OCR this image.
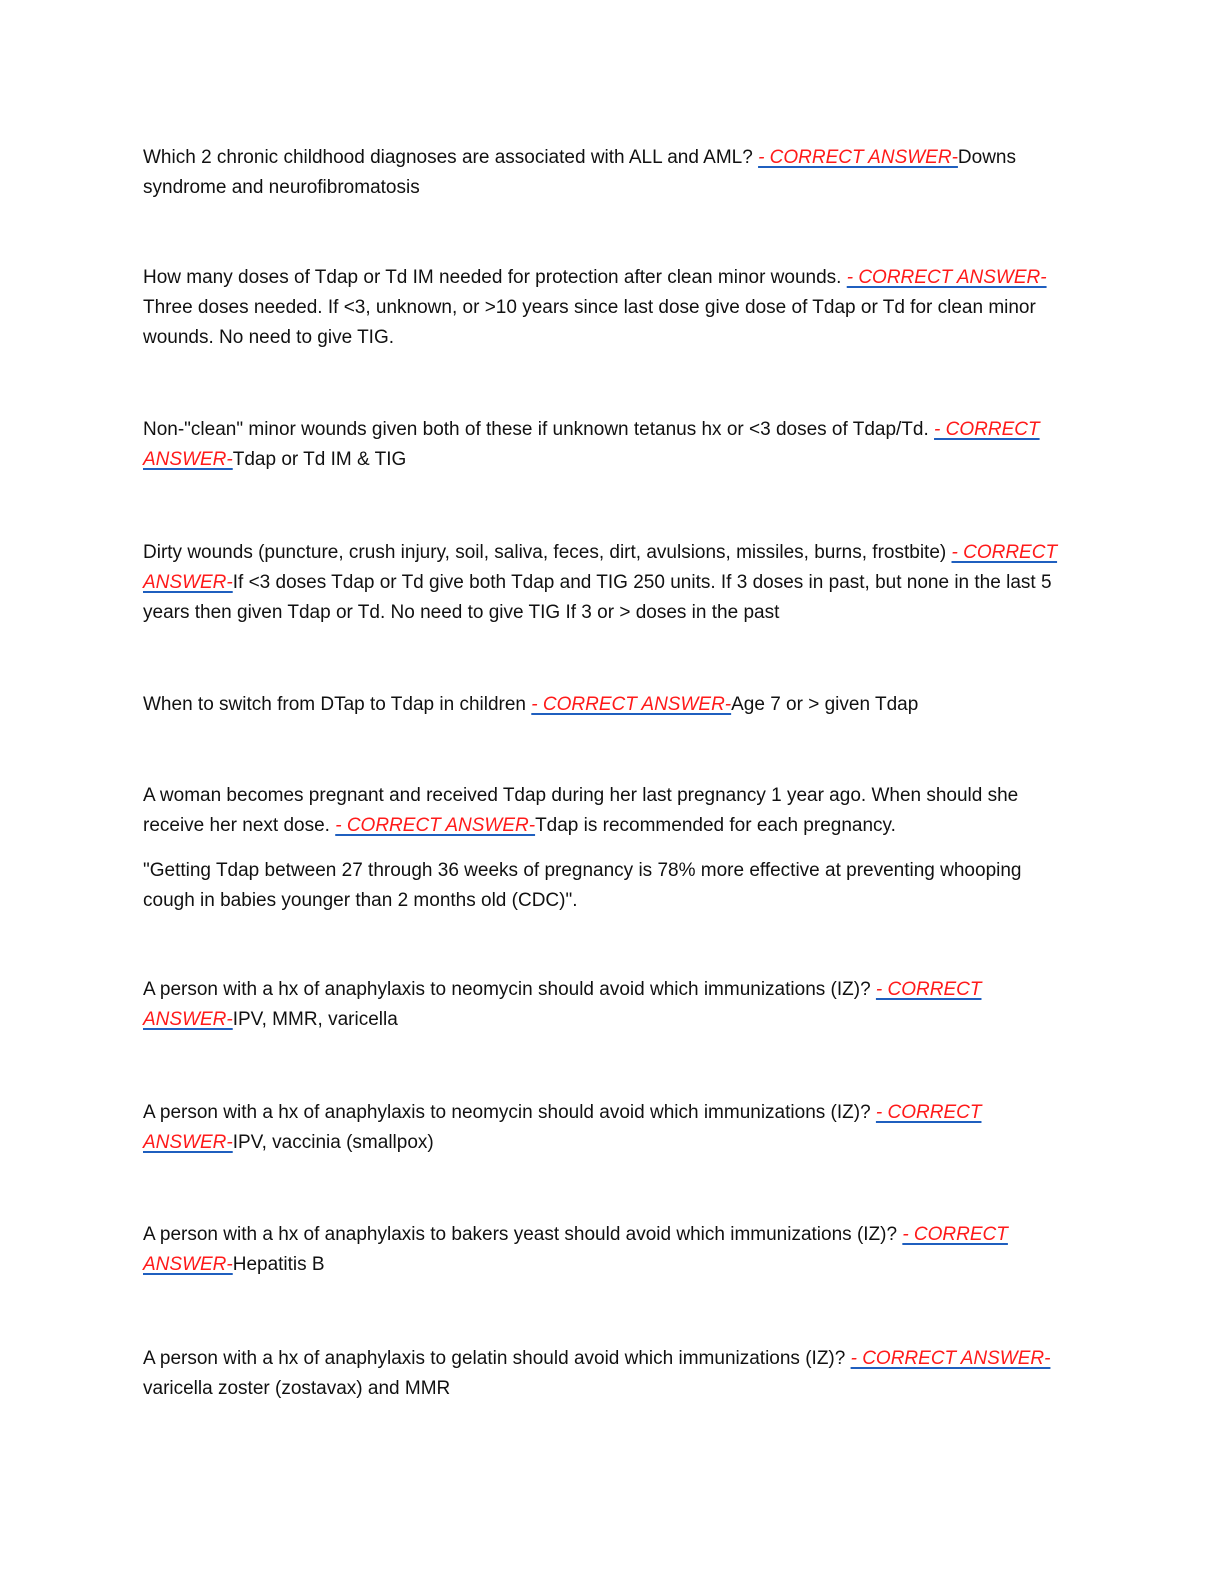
Which 2 chronic childhood diagnoses are associated with ALL and AML? - CORRECT ANSWER-Downs syndrome and neurofibromatosis

How many doses of Tdap or Td IM needed for protection after clean minor wounds. - CORRECT ANSWER-Three doses needed. If <3, unknown, or >10 years since last dose give dose of Tdap or Td for clean minor wounds. No need to give TIG.

Non-"clean" minor wounds given both of these if unknown tetanus hx or <3 doses of Tdap/Td. - CORRECT ANSWER-Tdap or Td IM & TIG

Dirty wounds (puncture, crush injury, soil, saliva, feces, dirt, avulsions, missiles, burns, frostbite) - CORRECT ANSWER-If <3 doses Tdap or Td give both Tdap and TIG 250 units. If 3 doses in past, but none in the last 5 years then given Tdap or Td. No need to give TIG If 3 or > doses in the past

When to switch from DTap to Tdap in children - CORRECT ANSWER-Age 7 or > given Tdap

A woman becomes pregnant and received Tdap during her last pregnancy 1 year ago. When should she receive her next dose. - CORRECT ANSWER-Tdap is recommended for each pregnancy.
"Getting Tdap between 27 through 36 weeks of pregnancy is 78% more effective at preventing whooping cough in babies younger than 2 months old (CDC)".

A person with a hx of anaphylaxis to neomycin should avoid which immunizations (IZ)? - CORRECT ANSWER-IPV, MMR, varicella

A person with a hx of anaphylaxis to neomycin should avoid which immunizations (IZ)? - CORRECT ANSWER-IPV, vaccinia (smallpox)

A person with a hx of anaphylaxis to bakers yeast should avoid which immunizations (IZ)? - CORRECT ANSWER-Hepatitis B

A person with a hx of anaphylaxis to gelatin should avoid which immunizations (IZ)? - CORRECT ANSWER-varicella zoster (zostavax) and MMR
